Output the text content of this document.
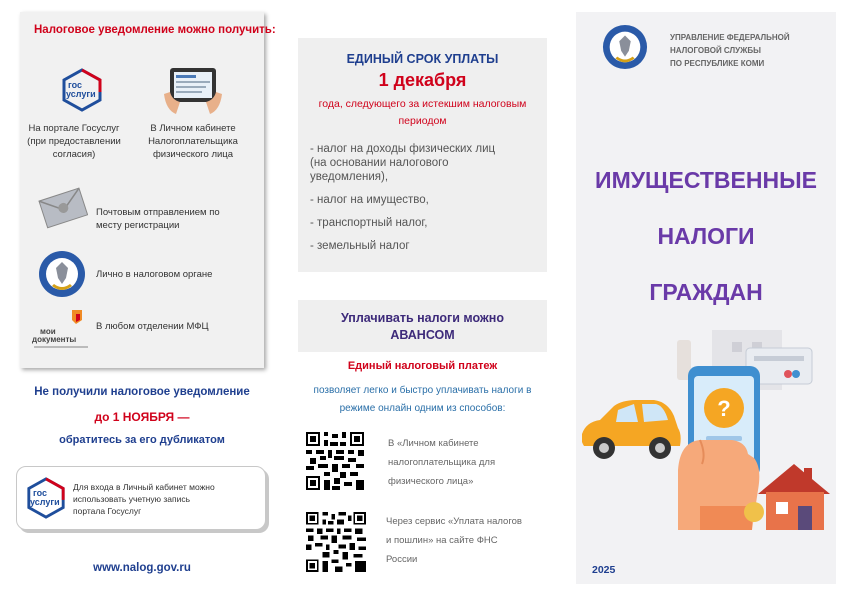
Налоговое уведомление можно получить:
гос
услуги
На портале Госуслуг
(при предоставлении
согласия)
В Личном кабинете
Налогоплательщика
физического лица
Почтовым отправлением по
месту регистрации
Лично в налоговом органе
мои
документы
В любом отделении МФЦ
Не получили налоговое уведомление
до 1 НОЯБРЯ —
обратитесь за его дубликатом
гос
услуги
Для входа в Личный кабинет можно
использовать учетную запись
портала Госуслуг
www.nalog.gov.ru
ЕДИНЫЙ СРОК УПЛАТЫ
1 декабря
года, следующего за истекшим налоговым
периодом
- налог на доходы физических лиц
(на основании налогового
уведомления),
- налог на имущество,
- транспортный налог,
- земельный налог
Уплачивать налоги можно
АВАНСОМ
Единый налоговый платеж
позволяет легко и быстро уплачивать налоги в
режиме онлайн одним из способов:
В «Личном кабинете
налогоплательщика для
физического лица»
Через сервис «Уплата налогов
и пошлин» на сайте ФНС
России
УПРАВЛЕНИЕ ФЕДЕРАЛЬНОЙ
НАЛОГОВОЙ СЛУЖБЫ
ПО РЕСПУБЛИКЕ КОМИ
ИМУЩЕСТВЕННЫЕ
НАЛОГИ
ГРАЖДАН
?
2025
